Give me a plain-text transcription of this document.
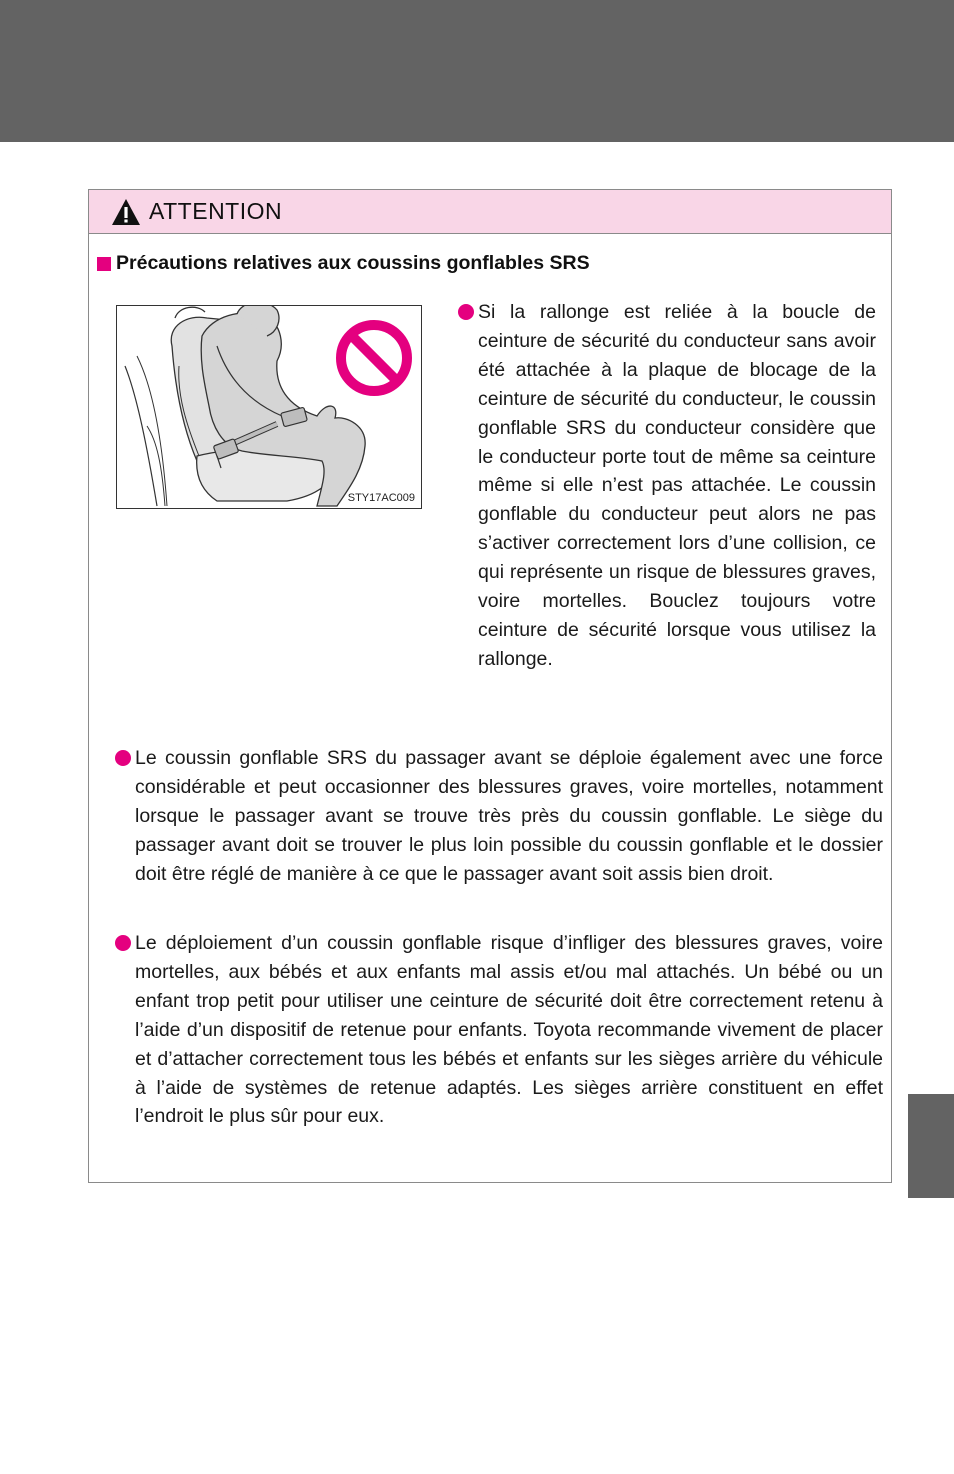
ATTENTION
Précautions relatives aux coussins gonflables SRS
STY17AC009

Si la rallonge est reliée à la boucle de ceinture de sécurité du conducteur sans avoir été attachée à la plaque de blocage de la ceinture de sécurité du conducteur, le coussin gonflable SRS du conducteur considère que le conducteur porte tout de même sa ceinture même si elle n’est pas attachée. Le coussin gonflable du conducteur peut alors ne pas s’activer correctement lors d’une collision, ce qui représente un risque de blessures graves, voire mortelles. Bouclez toujours votre ceinture de sécurité lorsque vous utilisez la rallonge.

Le coussin gonflable SRS du passager avant se déploie également avec une force considérable et peut occasionner des blessures graves, voire mortelles, notamment lorsque le passager avant se trouve très près du coussin gonflable. Le siège du passager avant doit se trouver le plus loin possible du coussin gonflable et le dossier doit être réglé de manière à ce que le passager avant soit assis bien droit.

Le déploiement d’un coussin gonflable risque d’infliger des blessures graves, voire mortelles, aux bébés et aux enfants mal assis et/ou mal attachés. Un bébé ou un enfant trop petit pour utiliser une ceinture de sécurité doit être correctement retenu à l’aide d’un dispositif de retenue pour enfants. Toyota recommande vivement de placer et d’attacher correctement tous les bébés et enfants sur les sièges arrière du véhicule à l’aide de systèmes de retenue adaptés. Les sièges arrière constituent en effet l’endroit le plus sûr pour eux.
